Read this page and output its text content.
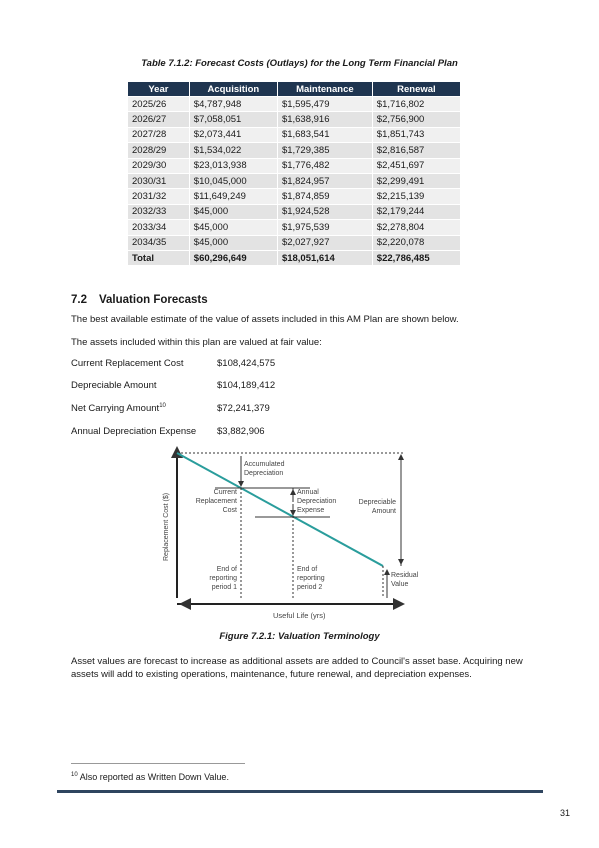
Table 7.1.2: Forecast Costs (Outlays) for the Long Term Financial Plan
Year	Acquisition	Maintenance	Renewal
2025/26	$4,787,948	$1,595,479	$1,716,802
2026/27	$7,058,051	$1,638,916	$2,756,900
2027/28	$2,073,441	$1,683,541	$1,851,743
2028/29	$1,534,022	$1,729,385	$2,816,587
2029/30	$23,013,938	$1,776,482	$2,451,697
2030/31	$10,045,000	$1,824,957	$2,299,491
2031/32	$11,649,249	$1,874,859	$2,215,139
2032/33	$45,000	$1,924,528	$2,179,244
2033/34	$45,000	$1,975,539	$2,278,804
2034/35	$45,000	$2,027,927	$2,220,078
Total	$60,296,649	$18,051,614	$22,786,485
7.2 Valuation Forecasts
The best available estimate of the value of assets included in this AM Plan are shown below.
The assets included within this plan are valued at fair value:
Current Replacement Cost	$108,424,575
Depreciable Amount	$104,189,412
Net Carrying Amount$^{10}$	$72,241,379
Annual Depreciation Expense $3,882,906
Replacement Cost ($)
Useful Life (yrs)
Accumulated
Depreciation
Current
Replacement
Cost
Annual
Depreciation
Expense
Depreciable
Amount
End of
reporting
period 1
End of
reporting
period 2
Residual
Value
Figure 7.2.1: Valuation Terminology
Asset values are forecast to increase as additional assets are added to Council's asset base. Acquiring new assets will add to existing operations, maintenance, future renewal, and depreciation expenses.
$^{10}$ Also reported as Written Down Value.
31
